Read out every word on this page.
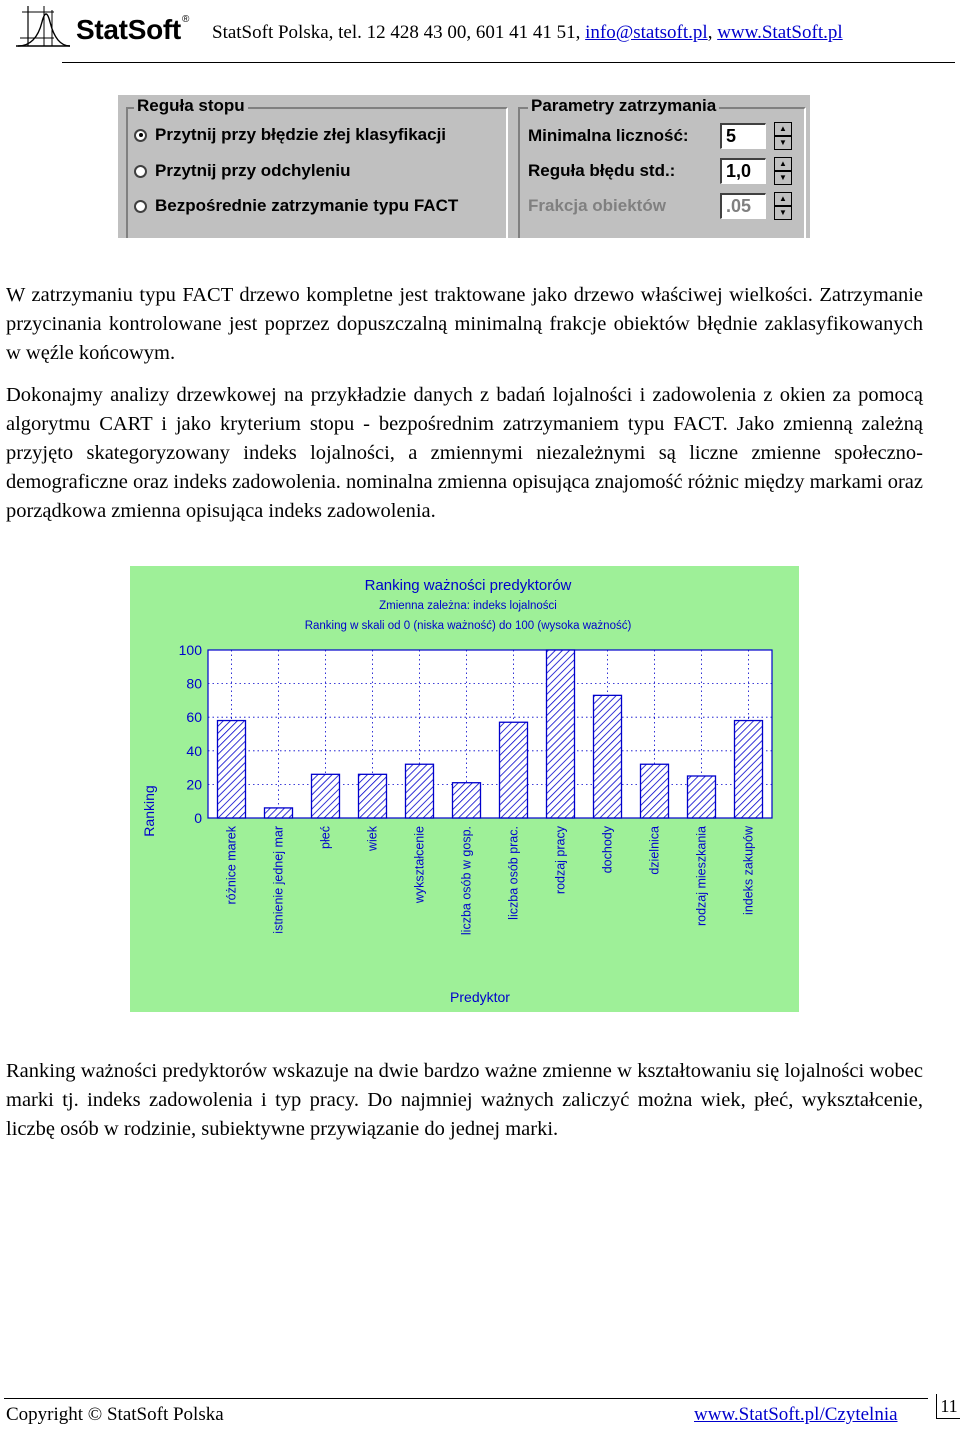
StatSoft®
StatSoft Polska, tel. 12 428 43 00, 601 41 41 51, info@statsoft.pl, www.StatSoft.pl
Reguła stopu
Przytnij przy błędzie złej klasyfikacji
Przytnij przy odchyleniu
Bezpośrednie zatrzymanie typu FACT
Parametry zatrzymania
Minimalna liczność:	5	▲
▼
Reguła błędu std.:	1,0	▲
▼
Frakcja obiektów	.05	▲
▼

W zatrzymaniu typu FACT drzewo kompletne jest traktowane jako drzewo właściwej wielkości. Zatrzymanie przycinania kontrolowane jest poprzez dopuszczalną minimalną frakcje obiektów błędnie zaklasyfikowanych w węźle końcowym.

Dokonajmy analizy drzewkowej na przykładzie danych z badań lojalności i zadowolenia z okien za pomocą algorytmu CART i jako kryterium stopu - bezpośrednim zatrzymaniem typu FACT. Jako zmienną zależną przyjęto skategoryzowany indeks lojalności, a zmiennymi niezależnymi są liczne zmienne społeczno-demograficzne oraz indeks zadowolenia. nominalna zmienna opisująca znajomość różnic między markami oraz porządkowa zmienna opisująca indeks zadowolenia.

Ranking ważności predyktorów
Zmienna zależna: indeks lojalności
Ranking w skali od 0 (niska ważność) do 100 (wysoka ważność)
0
20
40
60
80
100
Ranking
różnice marek	istnienie jednej mar	płeć	wiek	wykształcenie	liczba osób w gosp.	liczba osób prac.	rodzaj pracy	dochody	dzielnica	rodzaj mieszkania	indeks zakupów
Predyktor

Ranking ważności predyktorów wskazuje na dwie bardzo ważne zmienne w kształtowaniu się lojalności wobec marki tj. indeks zadowolenia i typ pracy. Do najmniej ważnych zaliczyć można wiek, płeć, wykształcenie, liczbę osób w rodzinie, subiektywne przywiązanie do jednej marki.

Copyright © StatSoft Polska	www.StatSoft.pl/Czytelnia 11
